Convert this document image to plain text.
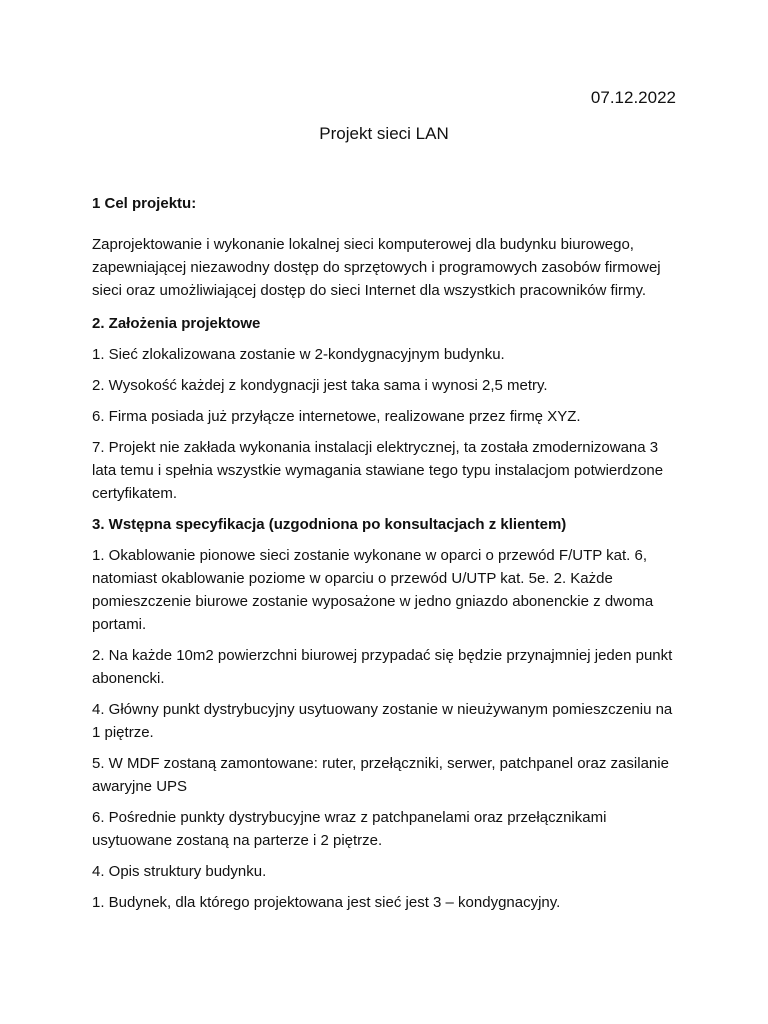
07.12.2022
Projekt sieci LAN
1 Cel projektu:

Zaprojektowanie i wykonanie lokalnej sieci komputerowej dla budynku biurowego, zapewniającej niezawodny dostęp do sprzętowych i programowych zasobów firmowej sieci oraz umożliwiającej dostęp do sieci Internet dla wszystkich pracowników firmy.

2. Założenia projektowe

1. Sieć zlokalizowana zostanie w 2-kondygnacyjnym budynku.

2. Wysokość każdej z kondygnacji jest taka sama i wynosi 2,5 metry.

6. Firma posiada już przyłącze internetowe, realizowane przez firmę XYZ.

7. Projekt nie zakłada wykonania instalacji elektrycznej, ta została zmodernizowana 3 lata temu i spełnia wszystkie wymagania stawiane tego typu instalacjom potwierdzone certyfikatem.

3. Wstępna specyfikacja (uzgodniona po konsultacjach z klientem)

1. Okablowanie pionowe sieci zostanie wykonane w oparci o przewód F/UTP kat. 6, natomiast okablowanie poziome w oparciu o przewód U/UTP kat. 5e. 2. Każde pomieszczenie biurowe zostanie wyposażone w jedno gniazdo abonenckie z dwoma portami.

2. Na każde 10m2 powierzchni biurowej przypadać się będzie przynajmniej jeden punkt abonencki.

4. Główny punkt dystrybucyjny usytuowany zostanie w nieużywanym pomieszczeniu na 1 piętrze.

5. W MDF zostaną zamontowane: ruter, przełączniki, serwer, patchpanel oraz zasilanie awaryjne UPS

6. Pośrednie punkty dystrybucyjne wraz z patchpanelami oraz przełącznikami usytuowane zostaną na parterze i 2 piętrze.

4. Opis struktury budynku.

1. Budynek, dla którego projektowana jest sieć jest 3 – kondygnacyjny.
